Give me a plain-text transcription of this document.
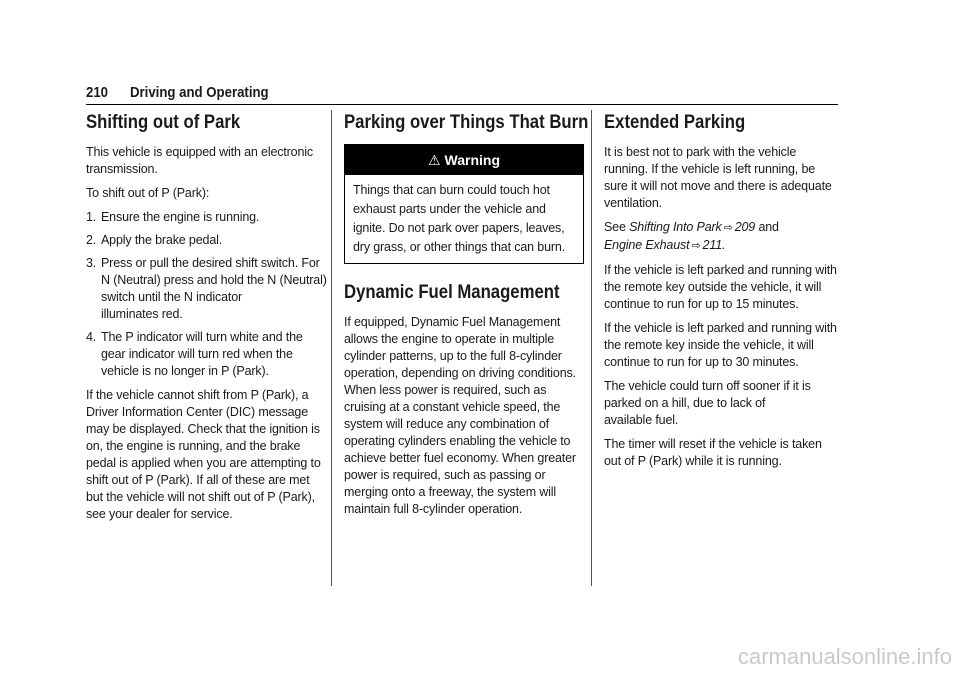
210 Driving and Operating
Shifting out of Park

This vehicle is equipped with an electronic
transmission.

To shift out of P (Park):

1. Ensure the engine is running.
2. Apply the brake pedal.
3. Press or pull the desired shift switch. For
N (Neutral) press and hold the N (Neutral)
switch until the N indicator
illuminates red.
4. The P indicator will turn white and the
gear indicator will turn red when the
vehicle is no longer in P (Park).

If the vehicle cannot shift from P (Park), a
Driver Information Center (DIC) message
may be displayed. Check that the ignition is
on, the engine is running, and the brake
pedal is applied when you are attempting to
shift out of P (Park). If all of these are met
but the vehicle will not shift out of P (Park),
see your dealer for service.

Parking over Things That Burn
⚠ Warning
Things that can burn could touch hot
exhaust parts under the vehicle and
ignite. Do not park over papers, leaves,
dry grass, or other things that can burn.
Dynamic Fuel Management

If equipped, Dynamic Fuel Management
allows the engine to operate in multiple
cylinder patterns, up to the full 8-cylinder
operation, depending on driving conditions.
When less power is required, such as
cruising at a constant vehicle speed, the
system will reduce any combination of
operating cylinders enabling the vehicle to
achieve better fuel economy. When greater
power is required, such as passing or
merging onto a freeway, the system will
maintain full 8-cylinder operation.

Extended Parking

It is best not to park with the vehicle
running. If the vehicle is left running, be
sure it will not move and there is adequate
ventilation.

See Shifting Into Park ⇨ 209 and
Engine Exhaust ⇨ 211.

If the vehicle is left parked and running with
the remote key outside the vehicle, it will
continue to run for up to 15 minutes.

If the vehicle is left parked and running with
the remote key inside the vehicle, it will
continue to run for up to 30 minutes.

The vehicle could turn off sooner if it is
parked on a hill, due to lack of
available fuel.

The timer will reset if the vehicle is taken
out of P (Park) while it is running.

carmanualsonline.info
